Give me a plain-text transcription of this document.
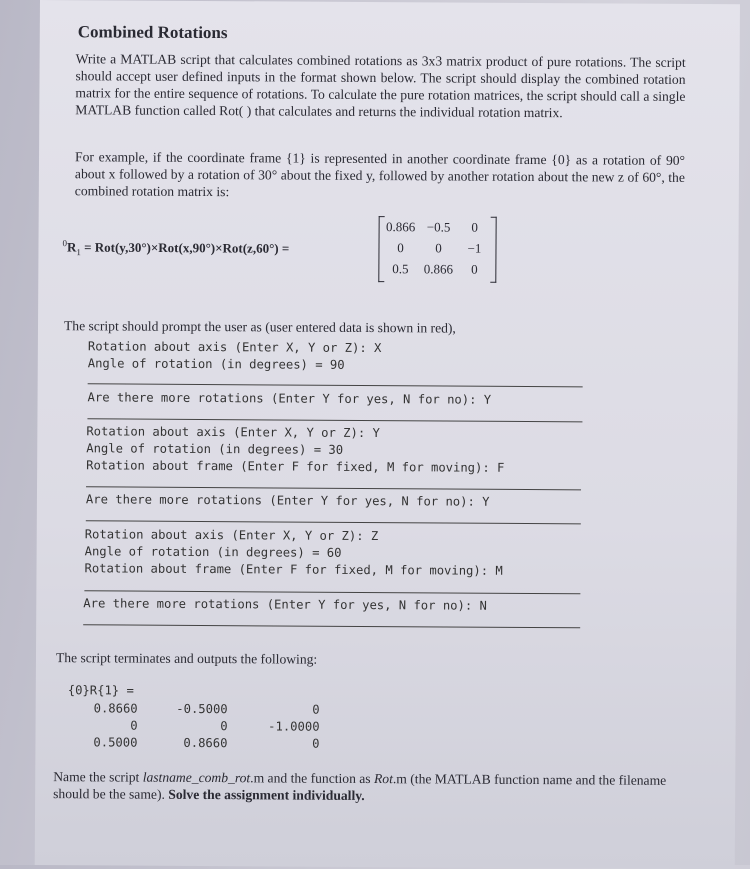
Combined Rotations
Write a MATLAB script that calculates combined rotations as 3x3 matrix product of pure rotations. The script should accept user defined inputs in the format shown below. The script should display the combined rotation matrix for the entire sequence of rotations. To calculate the pure rotation matrices, the script should call a single MATLAB function called Rot( ) that calculates and returns the individual rotation matrix.
For example, if the coordinate frame {1} is represented in another coordinate frame {0} as a rotation of 90° about x followed by a rotation of 30° about the fixed y, followed by another rotation about the new z of 60°, the combined rotation matrix is:
$^0R_1 = Rot(y,30^\circ)\times Rot(x,90^\circ)\times Rot(z,60^\circ)$ =
0.866 −0.5	0
0	0	−1
0.5	0.866	0
The script should prompt the user as (user entered data is shown in red),
Rotation about axis (Enter X, Y or Z): X
Angle of rotation (in degrees) = 90
Are there more rotations (Enter Y for yes, N for no): Y
Rotation about axis (Enter X, Y or Z): Y
Angle of rotation (in degrees) = 30
Rotation about frame (Enter F for fixed, M for moving): F
Are there more rotations (Enter Y for yes, N for no): Y
Rotation about axis (Enter X, Y or Z): Z
Angle of rotation (in degrees) = 60
Rotation about frame (Enter F for fixed, M for moving): M
Are there more rotations (Enter Y for yes, N for no): N
The script terminates and outputs the following:
{0}R{1} =
0.8660	-0.5000	0
0	0	-1.0000
0.5000	0.8660	0
Name the script lastname_comb_rot.m and the function as Rot.m (the MATLAB function name and the filename should be the same). Solve the assignment individually.
